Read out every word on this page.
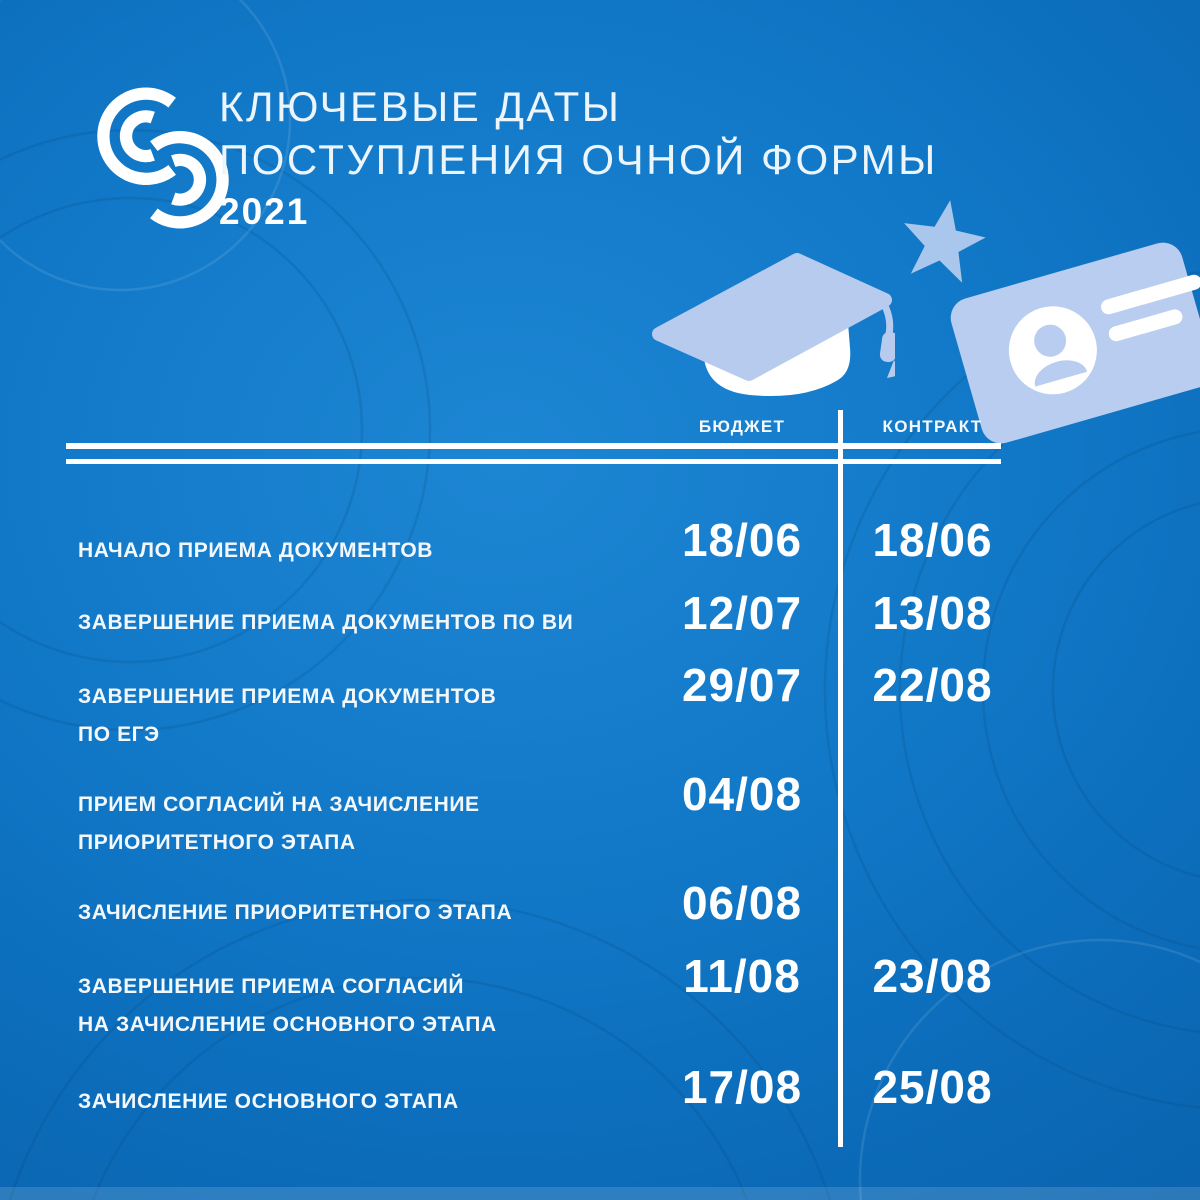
КЛЮЧЕВЫЕ ДАТЫ
ПОСТУПЛЕНИЯ ОЧНОЙ ФОРМЫ
2021
БЮДЖЕТ	КОНТРАКТ
НАЧАЛО ПРИЕМА ДОКУМЕНТОВ	18/06	18/06
ЗАВЕРШЕНИЕ ПРИЕМА ДОКУМЕНТОВ ПО ВИ	12/07	13/08
ЗАВЕРШЕНИЕ ПРИЕМА ДОКУМЕНТОВ
ПО ЕГЭ
29/07	22/08
ПРИЕМ СОГЛАСИЙ НА ЗАЧИСЛЕНИЕ
ПРИОРИТЕТНОГО ЭТАПА
04/08
ЗАЧИСЛЕНИЕ ПРИОРИТЕТНОГО ЭТАПА	06/08
ЗАВЕРШЕНИЕ ПРИЕМА СОГЛАСИЙ
НА ЗАЧИСЛЕНИЕ ОСНОВНОГО ЭТАПА
11/08	23/08
ЗАЧИСЛЕНИЕ ОСНОВНОГО ЭТАПА	17/08	25/08
